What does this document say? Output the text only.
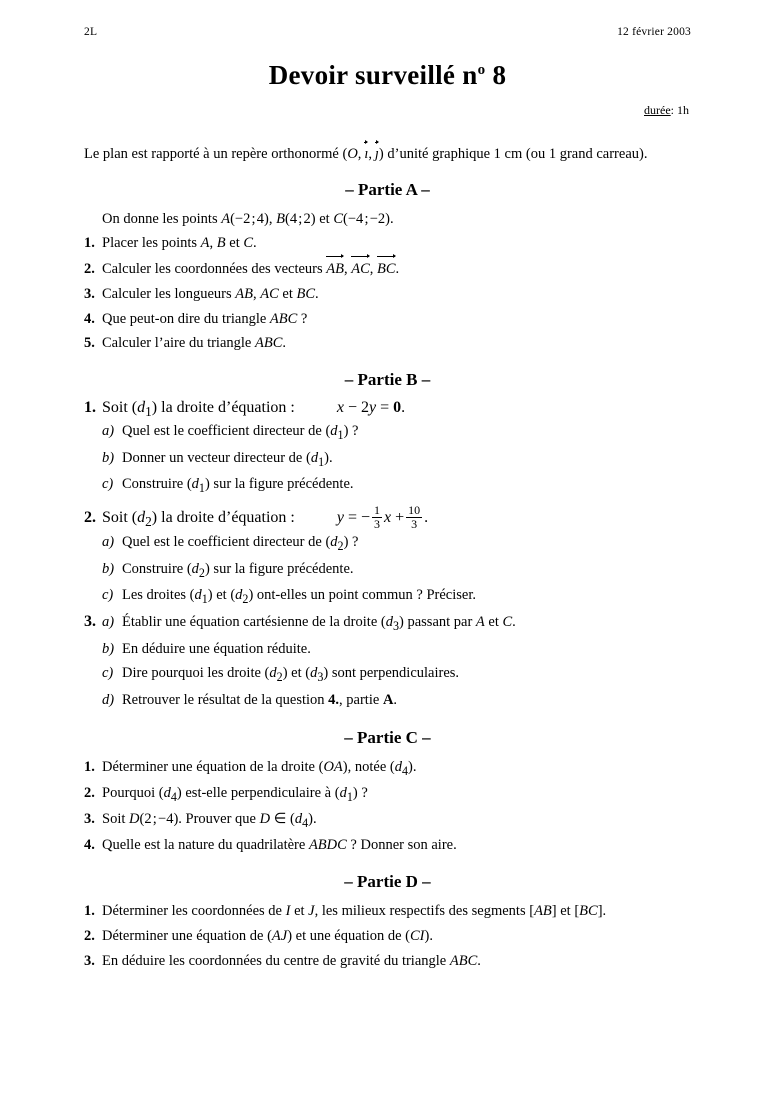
2L	12 février 2003
Devoir surveillé $n^o$ 8
durée: 1h
Le plan est rapporté à un repère orthonormé (O, ı, ȷ) d’unité graphique 1 cm (ou 1 grand carreau).
– Partie A –
On donne les points A(−2 ; 4), B(4 ; 2) et C(−4 ; −2).
1. Placer les points A, B et C.
2. Calculer les coordonnées des vecteurs AB, AC, BC.
3. Calculer les longueurs AB, AC et BC.
4. Que peut-on dire du triangle ABC ?
5. Calculer l’aire du triangle ABC.
– Partie B –
1. Soit $(d_1)$ la droite d’équation :	x − 2y = 0.
a) Quel est le coefficient directeur de $(d_1)$ ?
b) Donner un vecteur directeur de $(d_1)$.
c) Construire $(d_1)$ sur la figure précédente.
2. Soit $(d_2)$ la droite d’équation :	y = − $\frac{1}{3}$ $x + \frac{10}{3}$ .
a) Quel est le coefficient directeur de $(d_2)$ ?
b) Construire $(d_2)$ sur la figure précédente.
c) Les droites $(d_1)$ et $(d_2)$ ont-elles un point commun ? Préciser.
3. a) Établir une équation cartésienne de la droite $(d_3)$ passant par A et C.
b) En déduire une équation réduite.
c) Dire pourquoi les droite $(d_2)$ et $(d_3)$ sont perpendiculaires.
d) Retrouver le résultat de la question 4., partie A.
– Partie C –
1. Déterminer une équation de la droite (OA), notée $(d_4)$.
2. Pourquoi $(d_4)$ est-elle perpendiculaire à $(d_1)$ ?
3. Soit D(2 ; −4). Prouver que D ∈ $(d_4)$.
4. Quelle est la nature du quadrilatère ABDC ? Donner son aire.
– Partie D –
1. Déterminer les coordonnées de I et J, les milieux respectifs des segments [AB] et [BC].
2. Déterminer une équation de (AJ) et une équation de (CI).
3. En déduire les coordonnées du centre de gravité du triangle ABC.
